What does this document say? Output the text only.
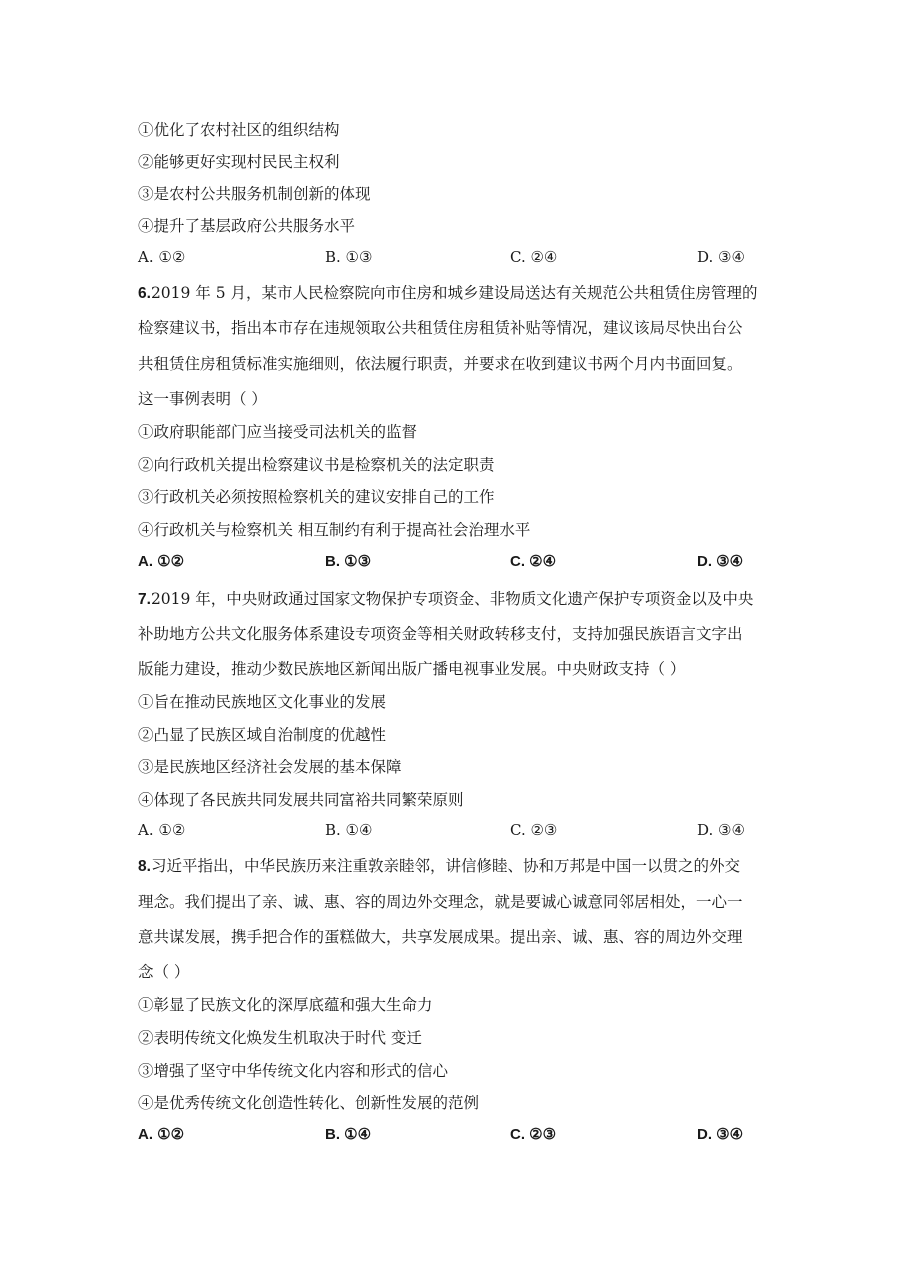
①优化了农村社区的组织结构
②能够更好实现村民民主权利
③是农村公共服务机制创新的体现
④提升了基层政府公共服务水平
A. ①②	B. ①③	C. ②④	D. ③④
6.2019 年 5 月，某市人民检察院向市住房和城乡建设局送达有关规范公共租赁住房管理的
检察建议书，指出本市存在违规领取公共租赁住房租赁补贴等情况，建议该局尽快出台公
共租赁住房租赁标准实施细则，依法履行职责，并要求在收到建议书两个月内书面回复。
这一事例表明（ ）
①政府职能部门应当接受司法机关的监督
②向行政机关提出检察建议书是检察机关的法定职责
③行政机关必须按照检察机关的建议安排自己的工作
④行政机关与检察机关 相互制约有利于提高社会治理水平
A. ①②	B. ①③	C. ②④	D. ③④
7.2019 年，中央财政通过国家文物保护专项资金、非物质文化遗产保护专项资金以及中央
补助地方公共文化服务体系建设专项资金等相关财政转移支付，支持加强民族语言文字出
版能力建设，推动少数民族地区新闻出版广播电视事业发展。中央财政支持（ ）
①旨在推动民族地区文化事业的发展
②凸显了民族区域自治制度的优越性
③是民族地区经济社会发展的基本保障
④体现了各民族共同发展共同富裕共同繁荣原则
A. ①②	B. ①④	C. ②③	D. ③④
8.习近平指出，中华民族历来注重敦亲睦邻，讲信修睦、协和万邦是中国一以贯之的外交
理念。我们提出了亲、诚、惠、容的周边外交理念，就是要诚心诚意同邻居相处，一心一
意共谋发展，携手把合作的蛋糕做大，共享发展成果。提出亲、诚、惠、容的周边外交理
念（ ）
①彰显了民族文化的深厚底蕴和强大生命力
②表明传统文化焕发生机取决于时代 变迁
③增强了坚守中华传统文化内容和形式的信心
④是优秀传统文化创造性转化、创新性发展的范例
A. ①②	B. ①④	C. ②③	D. ③④
